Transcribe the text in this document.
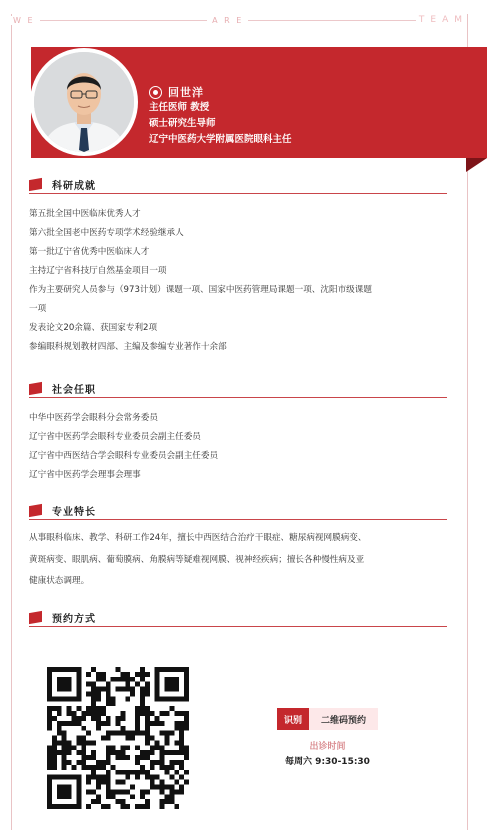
W E	A R E	TEAM
回世洋
主任医师 教授
硕士研究生导师
辽宁中医药大学附属医院眼科主任
科研成就
第五批全国中医临床优秀人才
第六批全国老中医药专项学术经验继承人
第一批辽宁省优秀中医临床人才
主持辽宁省科技厅自然基金项目一项
作为主要研究人员参与（973计划）课题一项、国家中医药管理局课题一项、沈阳市级课题
一项
发表论文20余篇、获国家专利2项
参编眼科规划教材四部、主编及参编专业著作十余部
社会任职
中华中医药学会眼科分会常务委员
辽宁省中医药学会眼科专业委员会副主任委员
辽宁省中西医结合学会眼科专业委员会副主任委员
辽宁省中医药学会理事会理事
专业特长
从事眼科临床、教学、科研工作24年，擅长中西医结合治疗干眼症、糖尿病视网膜病变、
黄斑病变、眼肌病、葡萄膜病、角膜病等疑难视网膜、视神经疾病；擅长各种慢性病及亚
健康状态调理。
预约方式
识别	二维码预约
出诊时间
每周六 9:30-15:30
